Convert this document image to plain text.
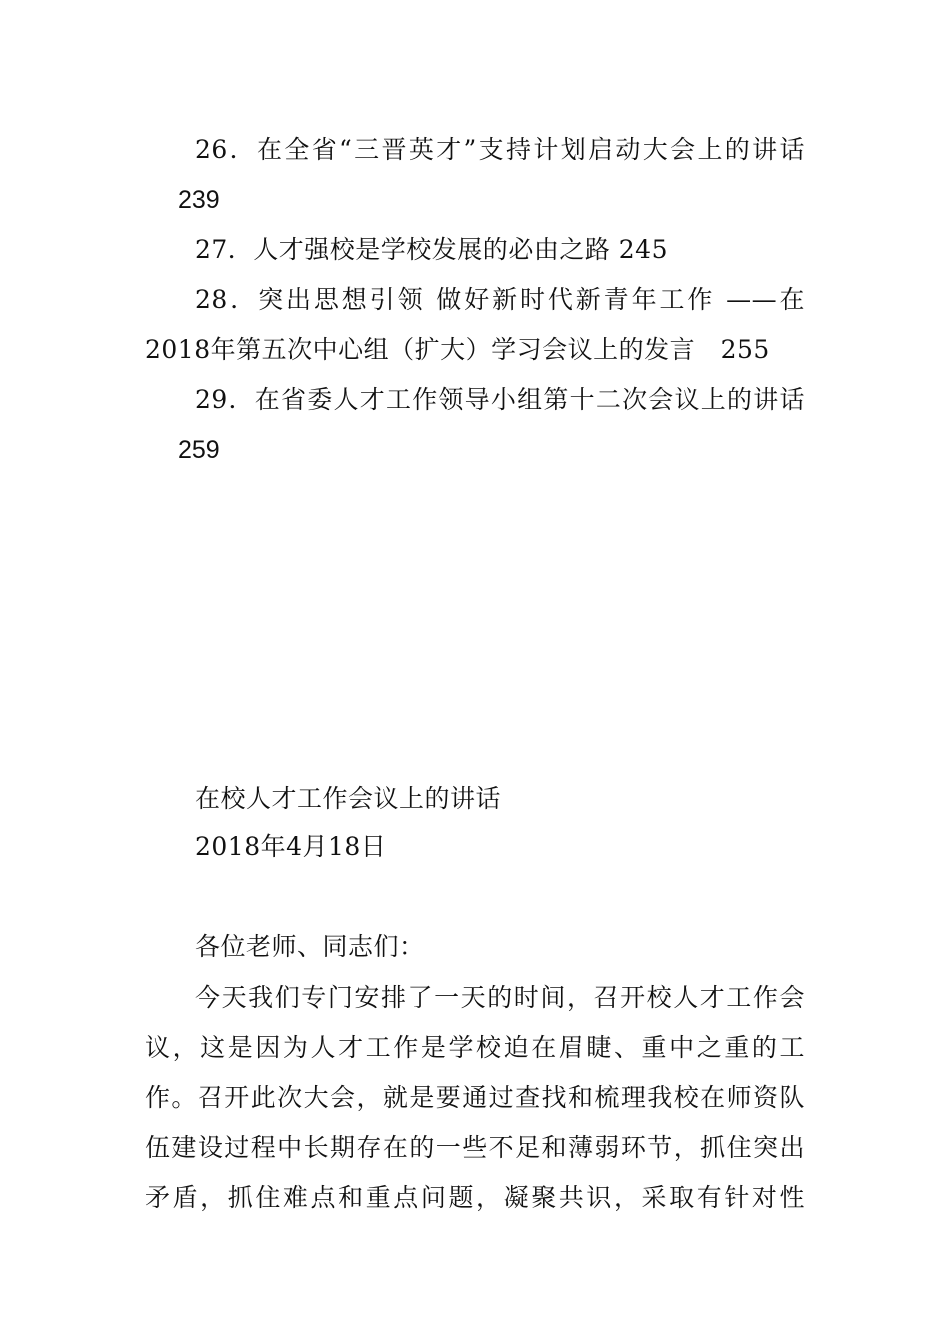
26．在全省“三晋英才”支持计划启动大会上的讲话
239
27．人才强校是学校发展的必由之路 245
28．突出思想引领 做好新时代新青年工作 ——在
2018年第五次中心组（扩大）学习会议上的发言　255
29．在省委人才工作领导小组第十二次会议上的讲话
259
在校人才工作会议上的讲话
2018年4月18日
各位老师、同志们：
今天我们专门安排了一天的时间，召开校人才工作会
议，这是因为人才工作是学校迫在眉睫、重中之重的工
作。召开此次大会，就是要通过查找和梳理我校在师资队
伍建设过程中长期存在的一些不足和薄弱环节，抓住突出
矛盾，抓住难点和重点问题，凝聚共识，采取有针对性
